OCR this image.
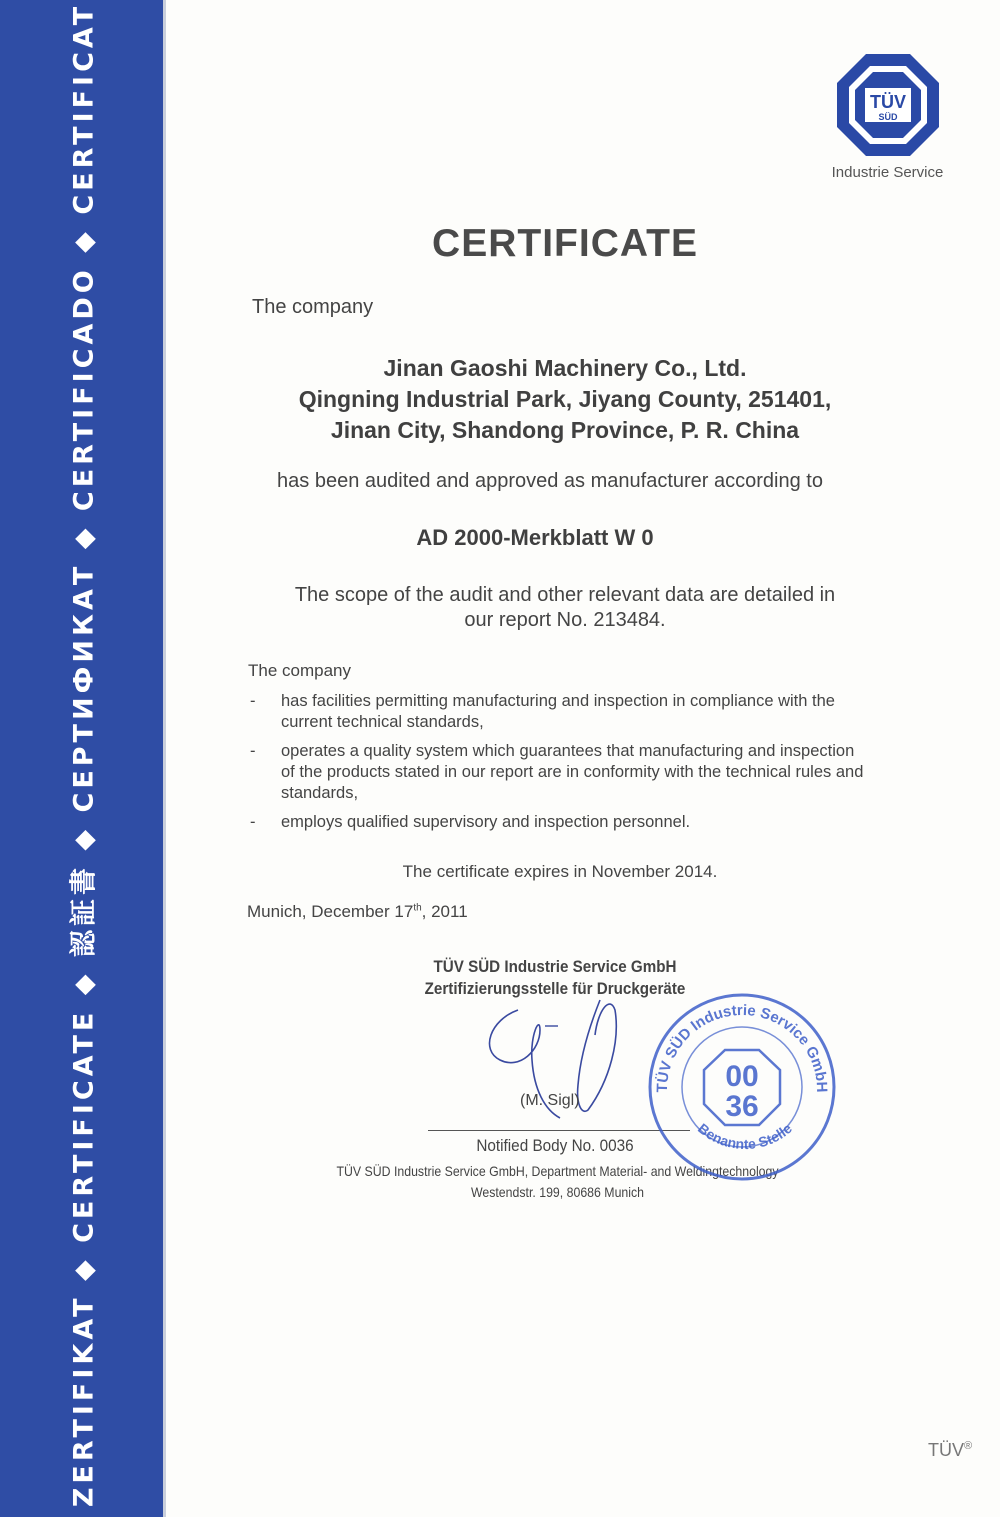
ZERTIFIKAT ◆ CERTIFICATE ◆ 認証書 ◆ СЕРТИФИКАТ ◆ CERTIFICADO ◆ CERTIFICAT	TÜV
SÜD
Industrie Service
CERTIFICATE
The company
Jinan Gaoshi Machinery Co., Ltd.
Qingning Industrial Park, Jiyang County, 251401,
Jinan City, Shandong Province, P. R. China
has been audited and approved as manufacturer according to
AD 2000-Merkblatt W 0
The scope of the audit and other relevant data are detailed in
our report No. 213484.
The company
- has facilities permitting manufacturing and inspection in compliance with the current technical standards,
- operates a quality system which guarantees that manufacturing and inspection of the products stated in our report are in conformity with the technical rules and standards,
- employs qualified supervisory and inspection personnel.
The certificate expires in November 2014.
Munich, December 17th, 2011
TÜV SÜD Industrie Service GmbH
Zertifizierungsstelle für Druckgeräte
(M. Sigl)
Notified Body No. 0036
TÜV SÜD Industrie Service GmbH, Department Material- and Weldingtechnology
Westendstr. 199, 80686 Munich
TÜV SÜD Industrie Service GmbH
Benannte Stelle
00
36
TÜV®
